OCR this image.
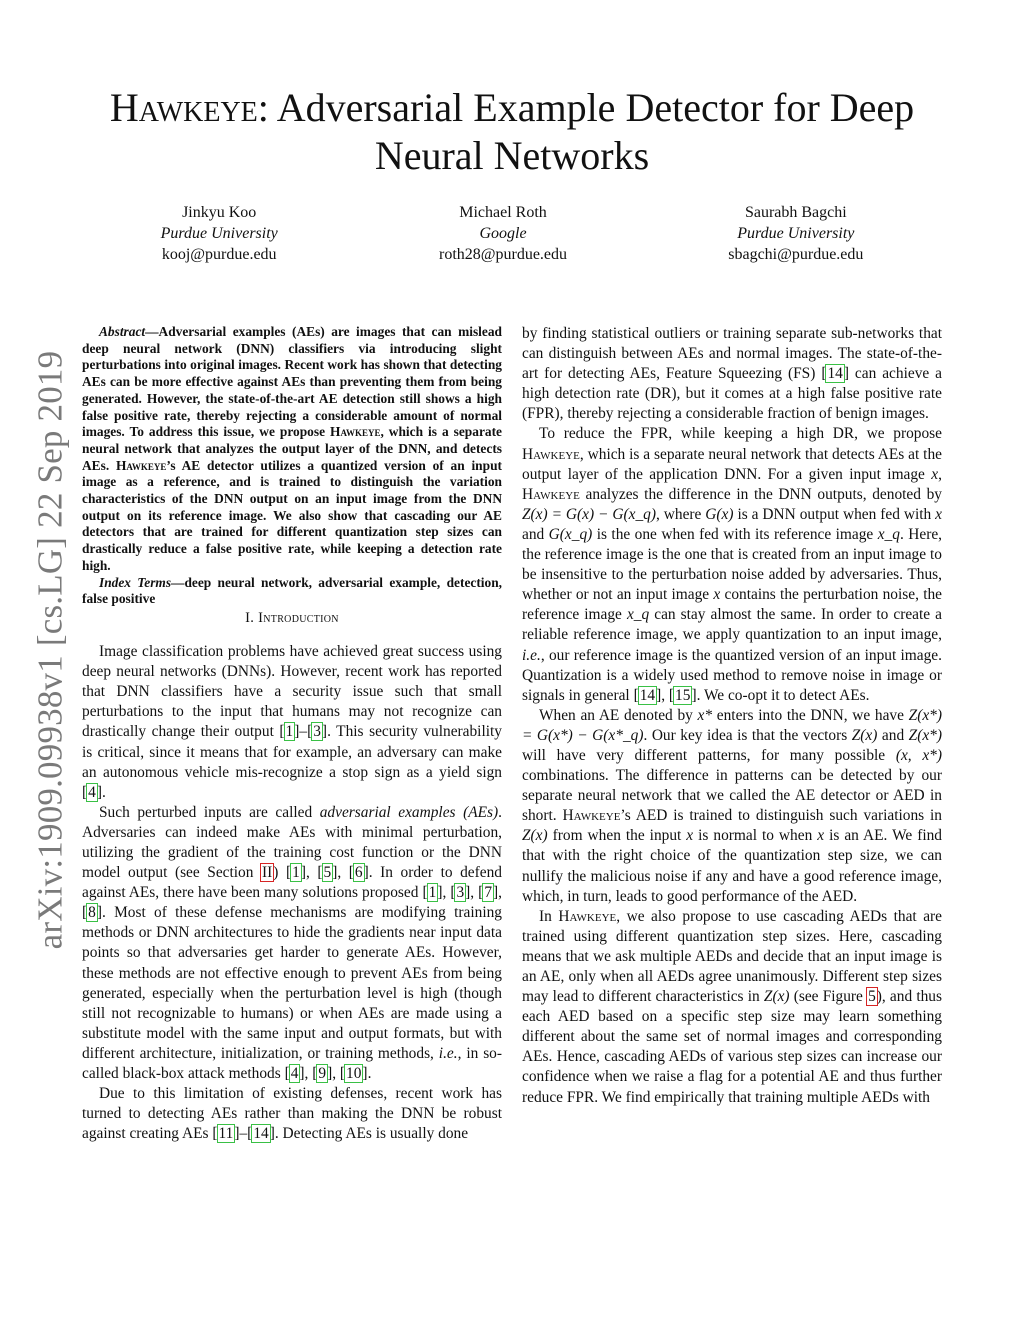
arXiv:1909.09938v1 [cs.LG] 22 Sep 2019
Hawkeye: Adversarial Example Detector for Deep
Neural Networks
Jinkyu Koo
Purdue University
kooj@purdue.edu
Michael Roth
Google
roth28@purdue.edu
Saurabh Bagchi
Purdue University
sbagchi@purdue.edu

Abstract—Adversarial examples (AEs) are images that can mislead deep neural network (DNN) classifiers via introducing slight perturbations into original images. Recent work has shown that detecting AEs can be more effective against AEs than preventing them from being generated. However, the state-of-the-art AE detection still shows a high false positive rate, thereby rejecting a considerable amount of normal images. To address this issue, we propose Hawkeye, which is a separate neural network that analyzes the output layer of the DNN, and detects AEs. Hawkeye’s AE detector utilizes a quantized version of an input image as a reference, and is trained to distinguish the variation characteristics of the DNN output on an input image from the DNN output on its reference image. We also show that cascading our AE detectors that are trained for different quantization step sizes can drastically reduce a false positive rate, while keeping a detection rate high.

Index Terms—deep neural network, adversarial example, detection, false positive

I. Introduction

Image classification problems have achieved great success using deep neural networks (DNNs). However, recent work has reported that DNN classifiers have a security issue such that small perturbations to the input that humans may not recognize can drastically change their output [1]–[3]. This security vulnerability is critical, since it means that for example, an adversary can make an autonomous vehicle mis-recognize a stop sign as a yield sign [4].

Such perturbed inputs are called adversarial examples (AEs). Adversaries can indeed make AEs with minimal perturbation, utilizing the gradient of the training cost function or the DNN model output (see Section II) [1], [5], [6]. In order to defend against AEs, there have been many solutions proposed [1], [3], [7], [8]. Most of these defense mechanisms are modifying training methods or DNN architectures to hide the gradients near input data points so that adversaries get harder to generate AEs. However, these methods are not effective enough to prevent AEs from being generated, especially when the perturbation level is high (though still not recognizable to humans) or when AEs are made using a substitute model with the same input and output formats, but with different architecture, initialization, or training methods, i.e., in so-called black-box attack methods [4], [9], [10].

Due to this limitation of existing defenses, recent work has turned to detecting AEs rather than making the DNN be robust against creating AEs [11]–[14]. Detecting AEs is usually done

by finding statistical outliers or training separate sub-networks that can distinguish between AEs and normal images. The state-of-the-art for detecting AEs, Feature Squeezing (FS) [14] can achieve a high detection rate (DR), but it comes at a high false positive rate (FPR), thereby rejecting a considerable fraction of benign images.

To reduce the FPR, while keeping a high DR, we propose Hawkeye, which is a separate neural network that detects AEs at the output layer of the application DNN. For a given input image x, Hawkeye analyzes the difference in the DNN outputs, denoted by Z(x) = G(x) − G(x_q), where G(x) is a DNN output when fed with x and G(x_q) is the one when fed with its reference image x_q. Here, the reference image is the one that is created from an input image to be insensitive to the perturbation noise added by adversaries. Thus, whether or not an input image x contains the perturbation noise, the reference image x_q can stay almost the same. In order to create a reliable reference image, we apply quantization to an input image, i.e., our reference image is the quantized version of an input image. Quantization is a widely used method to remove noise in image or signals in general [14], [15]. We co-opt it to detect AEs.

When an AE denoted by x* enters into the DNN, we have Z(x*) = G(x*) − G(x*_q). Our key idea is that the vectors Z(x) and Z(x*) will have very different patterns, for many possible (x, x*) combinations. The difference in patterns can be detected by our separate neural network that we called the AE detector or AED in short. Hawkeye’s AED is trained to distinguish such variations in Z(x) from when the input x is normal to when x is an AE. We find that with the right choice of the quantization step size, we can nullify the malicious noise if any and have a good reference image, which, in turn, leads to good performance of the AED.

In Hawkeye, we also propose to use cascading AEDs that are trained using different quantization step sizes. Here, cascading means that we ask multiple AEDs and decide that an input image is an AE, only when all AEDs agree unanimously. Different step sizes may lead to different characteristics in Z(x) (see Figure 5), and thus each AED based on a specific step size may learn something different about the same set of normal images and corresponding AEs. Hence, cascading AEDs of various step sizes can increase our confidence when we raise a flag for a potential AE and thus further reduce FPR. We find empirically that training multiple AEDs with
